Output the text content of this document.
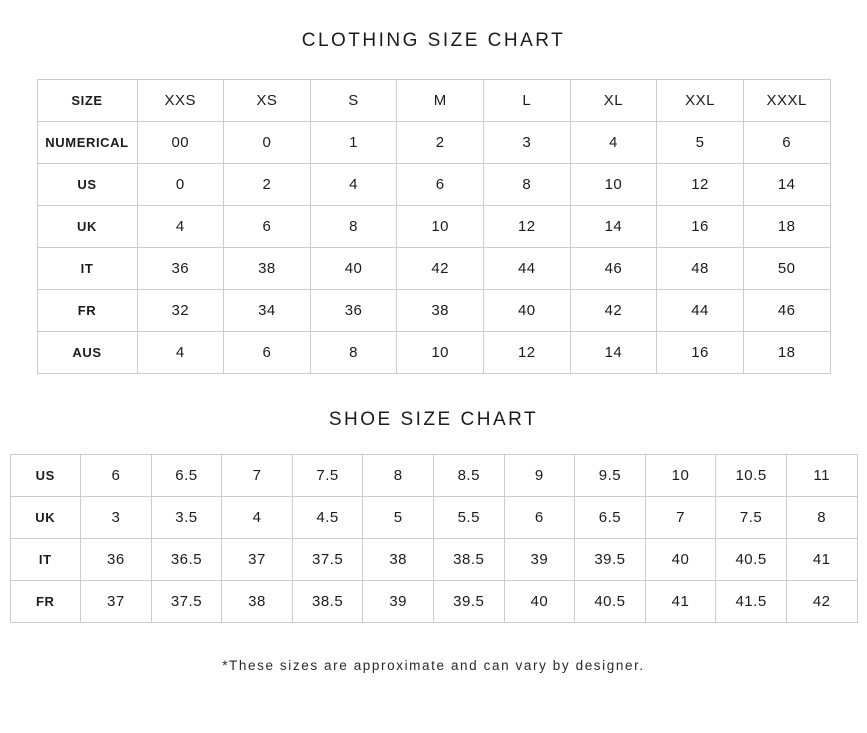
CLOTHING SIZE CHART
SIZE	XXS	XS	S	M	L	XL	XXL	XXXL
NUMERICAL	00	0	1	2	3	4	5	6
US	0	2	4	6	8	10	12	14
UK	4	6	8	10	12	14	16	18
IT	36	38	40	42	44	46	48	50
FR	32	34	36	38	40	42	44	46
AUS	4	6	8	10	12	14	16	18
SHOE SIZE CHART
US	6	6.5	7	7.5	8	8.5	9	9.5	10	10.5	11
UK	3	3.5	4	4.5	5	5.5	6	6.5	7	7.5	8
IT	36	36.5	37	37.5	38	38.5	39	39.5	40	40.5	41
FR	37	37.5	38	38.5	39	39.5	40	40.5	41	41.5	42

*These sizes are approximate and can vary by designer.
